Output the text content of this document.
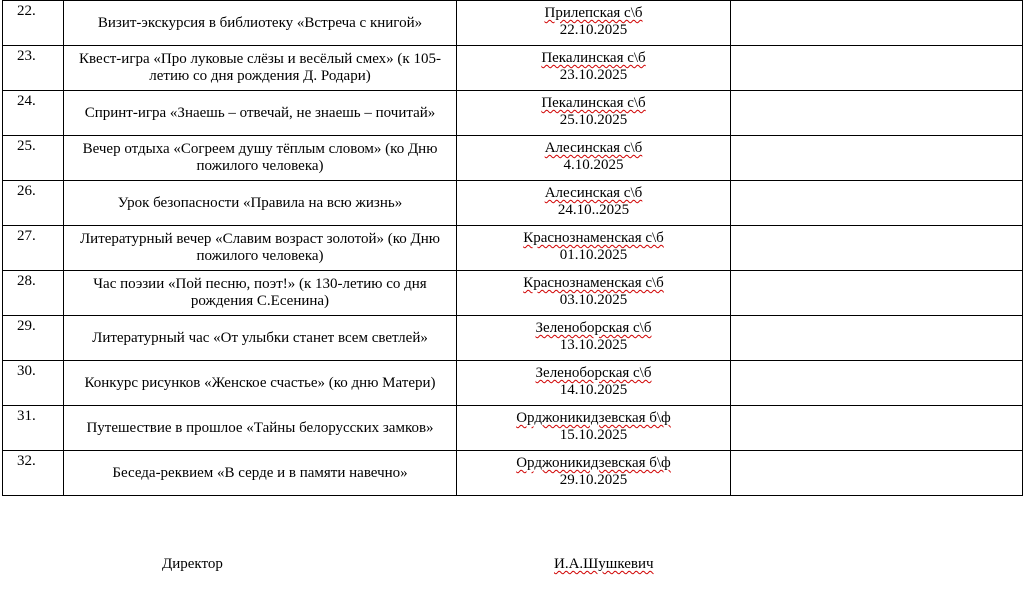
22.	Визит-экскурсия в библиотеку «Встреча с книгой»	Прилепская с\б
22.10.2025	

23.	Квест-игра «Про луковые слёзы и весёлый смех» (к 105-летию со дня рождения Д. Родари)	Пекалинская с\б
23.10.2025	

24.	Спринт-игра «Знаешь – отвечай, не знаешь – почитай»	Пекалинская с\б
25.10.2025	

25.	Вечер отдыха «Согреем душу тёплым словом» (ко Дню пожилого человека)	Алесинская с\б
4.10.2025	

26.	Урок безопасности «Правила на всю жизнь»	Алесинская с\б
24.10..2025	

27.	Литературный вечер «Славим возраст золотой» (ко Дню пожилого человека)	Краснознаменская с\б
01.10.2025	

28.	Час поэзии «Пой песню, поэт!» (к 130-летию со дня рождения С.Есенина)	Краснознаменская с\б
03.10.2025	

29.	Литературный час «От улыбки станет всем светлей»	Зеленоборская с\б
13.10.2025	

30.	Конкурс рисунков «Женское счастье» (ко дню Матери)	Зеленоборская с\б
14.10.2025	

31.	Путешествие в прошлое «Тайны белорусских замков»	Орджоникидзевская б\ф
15.10.2025	

32.	Беседа-реквием «В серде и в памяти навечно»	Орджоникидзевская б\ф
29.10.2025	

Директор	И.А.Шушкевич
